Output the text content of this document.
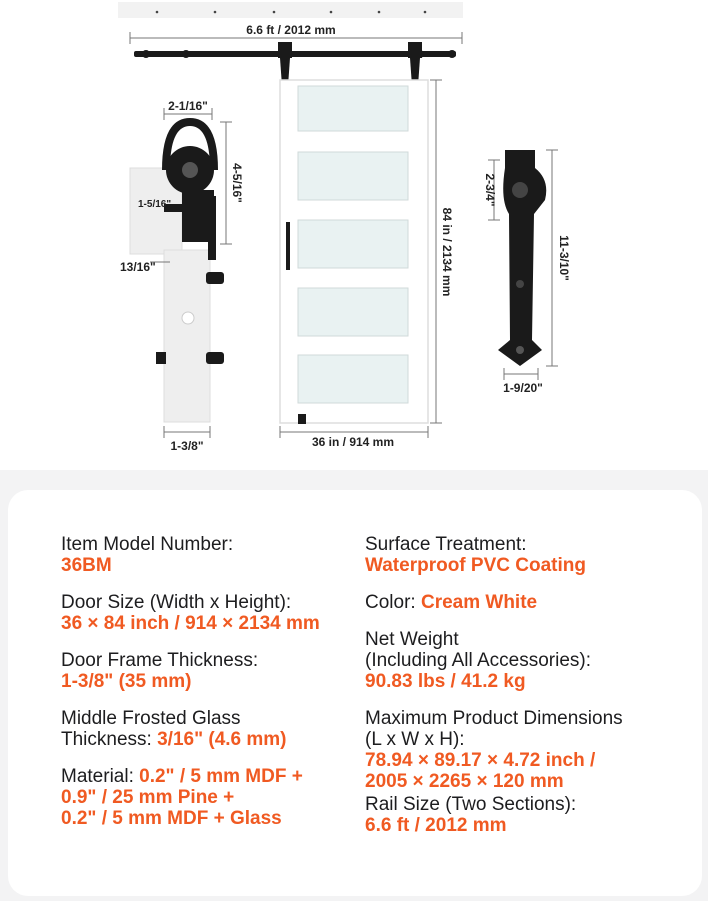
6.6 ft / 2012 mm
84 in / 2134 mm
36 in / 914 mm
2-1/16"
4-5/16"
1-5/16"
13/16"
1-3/8"
2-3/4"
11-3/10"
1-9/20"
Item Model Number:
36BM
Door Size (Width x Height):
36 × 84 inch / 914 × 2134 mm
Door Frame Thickness:
1-3/8" (35 mm)
Middle Frosted Glass
Thickness: 3/16" (4.6 mm)
Material: 0.2" / 5 mm MDF +
0.9" / 25 mm Pine +
0.2" / 5 mm MDF + Glass
Surface Treatment:
Waterproof PVC Coating
Color: Cream White
Net Weight
(Including All Accessories):
90.83 lbs / 41.2 kg
Maximum Product Dimensions
(L x W x H):
78.94 × 89.17 × 4.72 inch /
2005 × 2265 × 120 mm
Rail Size (Two Sections):
6.6 ft / 2012 mm
